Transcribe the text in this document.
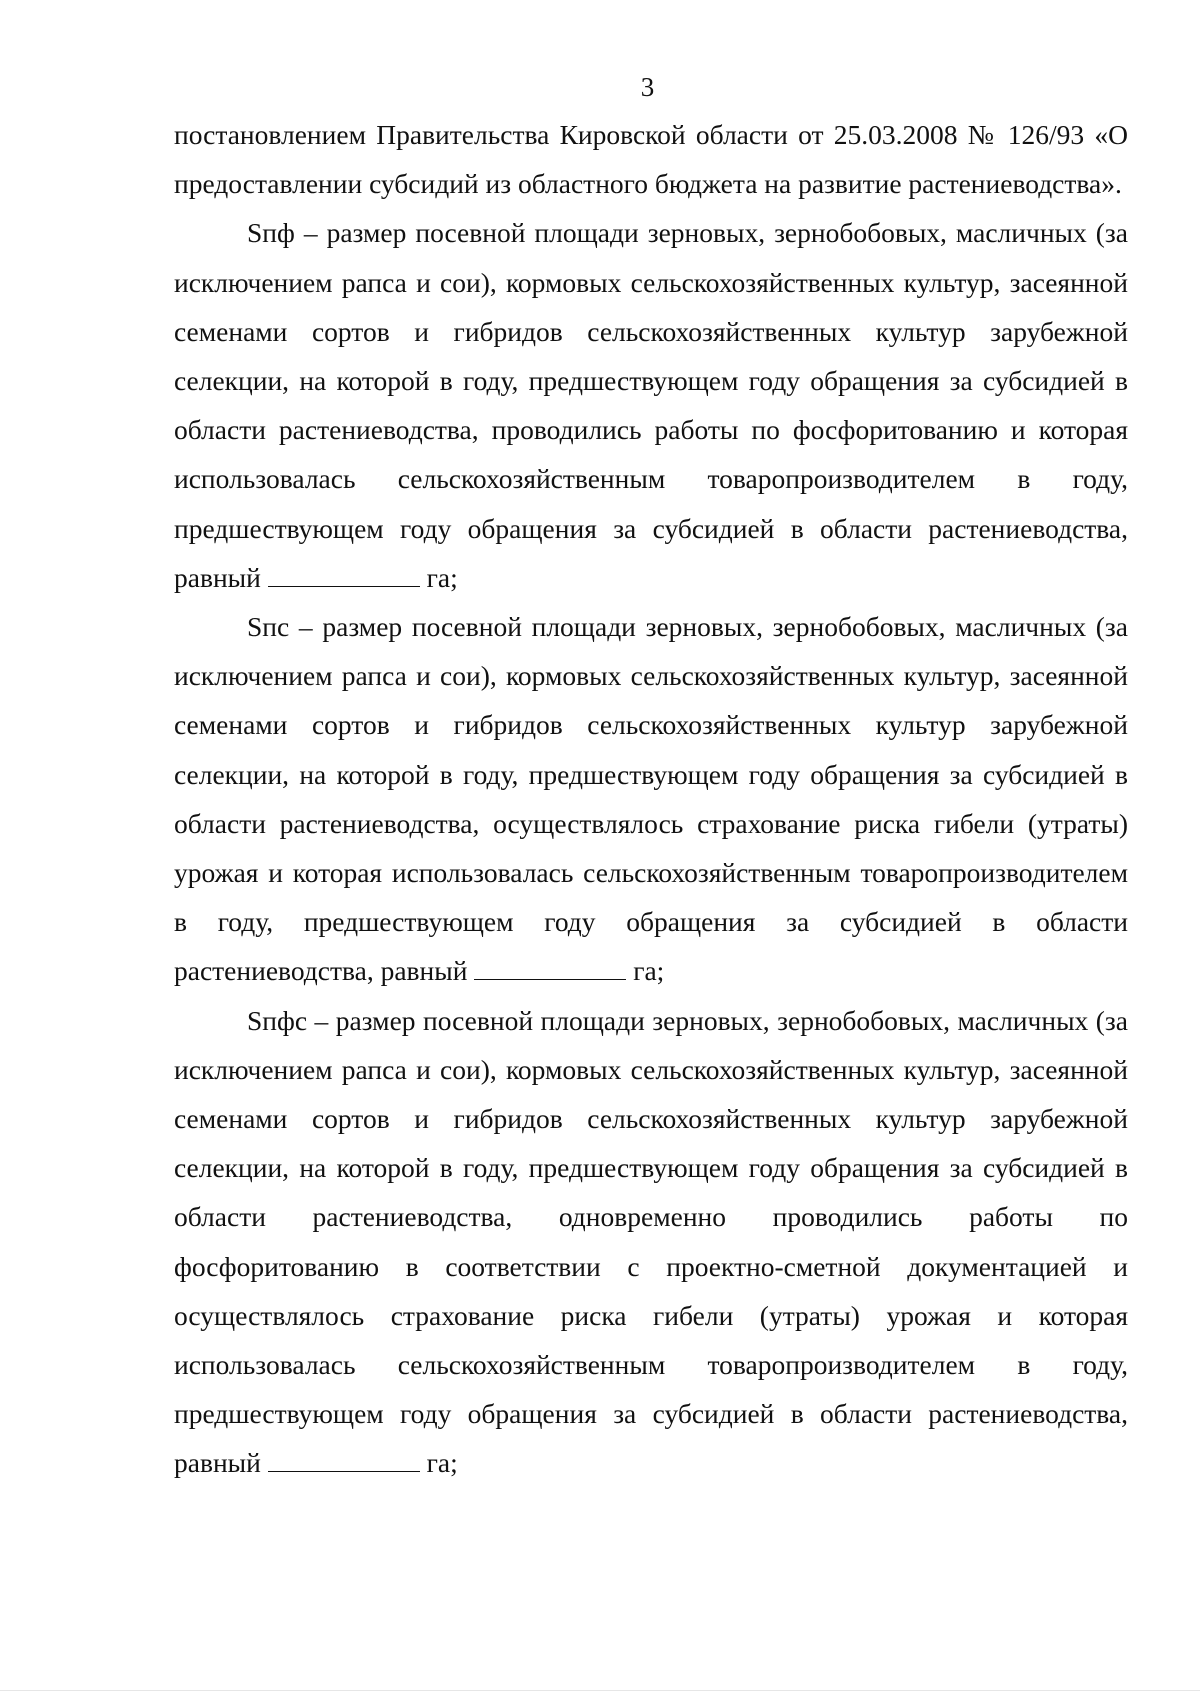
3

постановлением Правительства Кировской области от 25.03.2008 № 126/93 «О предоставлении субсидий из областного бюджета на развитие растениеводства».

Sпф – размер посевной площади зерновых, зернобобовых, масличных (за исключением рапса и сои), кормовых сельскохозяйственных культур, засеянной семенами сортов и гибридов сельскохозяйственных культур зарубежной селекции, на которой в году, предшествующем году обращения за субсидией в области растениеводства, проводились работы по фосфоритованию и которая использовалась сельскохозяйственным товаропроизводителем в году, предшествующем году обращения за субсидией в области растениеводства, равный	га;

Sпс – размер посевной площади зерновых, зернобобовых, масличных (за исключением рапса и сои), кормовых сельскохозяйственных культур, засеянной семенами сортов и гибридов сельскохозяйственных культур зарубежной селекции, на которой в году, предшествующем году обращения за субсидией в области растениеводства, осуществлялось страхование риска гибели (утраты) урожая и которая использовалась сельскохозяйственным товаропроизводителем в году, предшествующем году обращения за субсидией в области растениеводства, равный	га;

Sпфс – размер посевной площади зерновых, зернобобовых, масличных (за исключением рапса и сои), кормовых сельскохозяйственных культур, засеянной семенами сортов и гибридов сельскохозяйственных культур зарубежной селекции, на которой в году, предшествующем году обращения за субсидией в области растениеводства, одновременно проводились работы по фосфоритованию в соответствии с проектно-сметной документацией и осуществлялось страхование риска гибели (утраты) урожая и которая использовалась сельскохозяйственным товаропроизводителем в году, предшествующем году обращения за субсидией в области растениеводства, равный	га;
